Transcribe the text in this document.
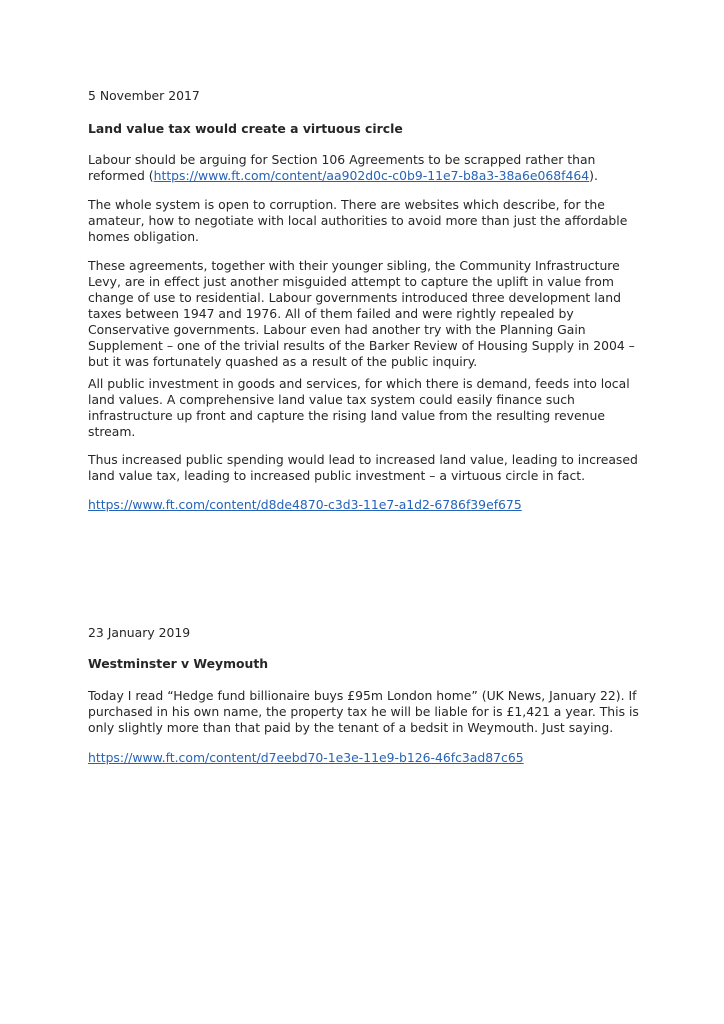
5 November 2017

Land value tax would create a virtuous circle

Labour should be arguing for Section 106 Agreements to be scrapped rather than reformed (https://www.ft.com/content/aa902d0c-c0b9-11e7-b8a3-38a6e068f464).

The whole system is open to corruption. There are websites which describe, for the amateur, how to negotiate with local authorities to avoid more than just the affordable homes obligation.

These agreements, together with their younger sibling, the Community Infrastructure Levy, are in effect just another misguided attempt to capture the uplift in value from change of use to residential. Labour governments introduced three development land taxes between 1947 and 1976. All of them failed and were rightly repealed by Conservative governments. Labour even had another try with the Planning Gain Supplement – one of the trivial results of the Barker Review of Housing Supply in 2004 – but it was fortunately quashed as a result of the public inquiry.

All public investment in goods and services, for which there is demand, feeds into local land values. A comprehensive land value tax system could easily finance such infrastructure up front and capture the rising land value from the resulting revenue stream.

Thus increased public spending would lead to increased land value, leading to increased land value tax, leading to increased public investment – a virtuous circle in fact.

https://www.ft.com/content/d8de4870-c3d3-11e7-a1d2-6786f39ef675

23 January 2019

Westminster v Weymouth

Today I read “Hedge fund billionaire buys £95m London home” (UK News, January 22). If purchased in his own name, the property tax he will be liable for is £1,421 a year. This is only slightly more than that paid by the tenant of a bedsit in Weymouth. Just saying.

https://www.ft.com/content/d7eebd70-1e3e-11e9-b126-46fc3ad87c65
